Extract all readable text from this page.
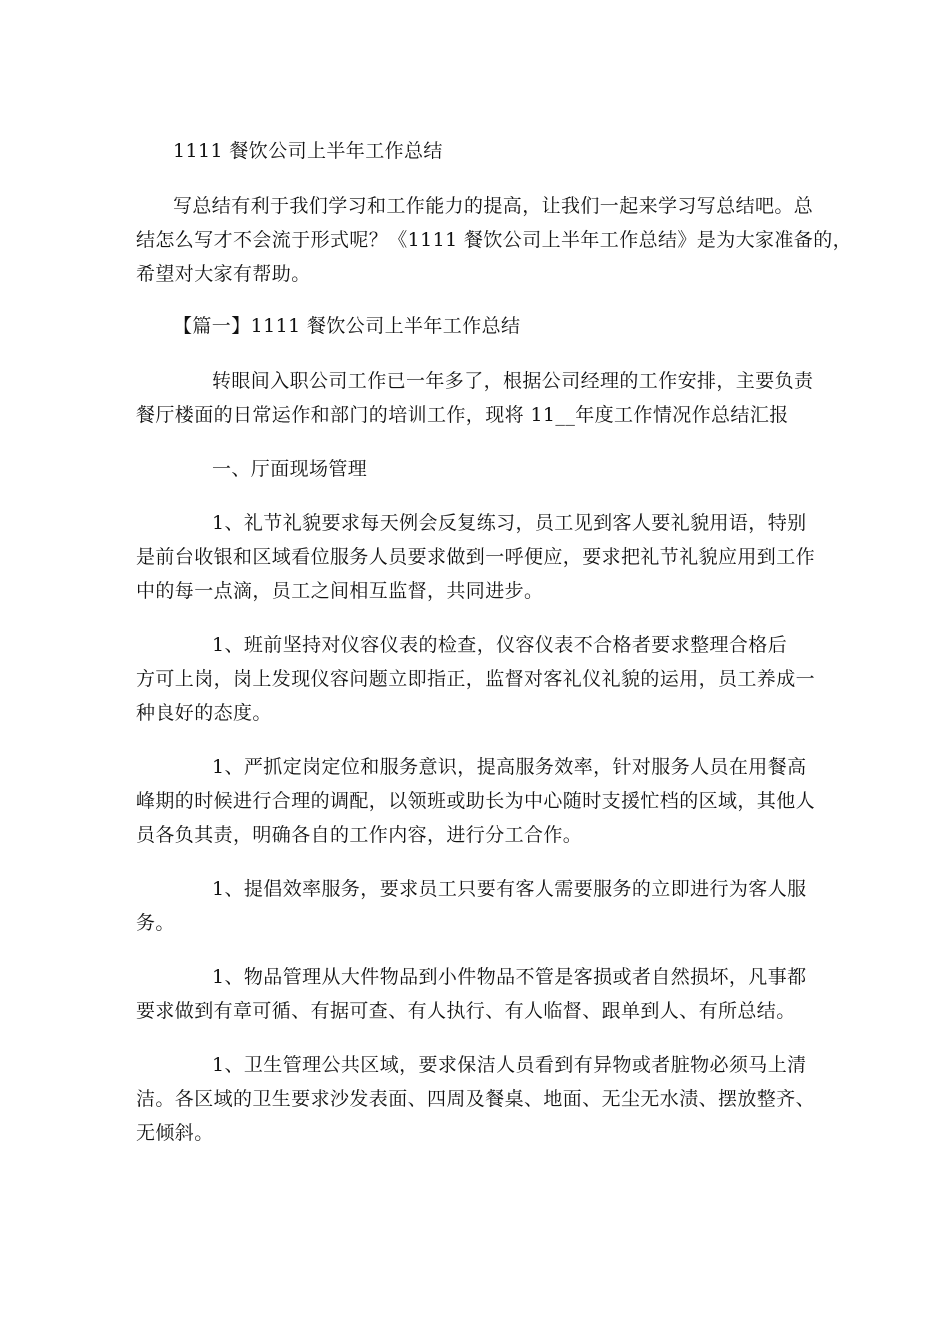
1111 餐饮公司上半年工作总结
写总结有利于我们学习和工作能力的提高，让我们一起来学习写总结吧。总
结怎么写才不会流于形式呢？《1111 餐饮公司上半年工作总结》是为大家准备的，
希望对大家有帮助。
【篇一】1111 餐饮公司上半年工作总结
转眼间入职公司工作已一年多了，根据公司经理的工作安排，主要负责
餐厅楼面的日常运作和部门的培训工作，现将 11__年度工作情况作总结汇报
一、厅面现场管理
1、礼节礼貌要求每天例会反复练习，员工见到客人要礼貌用语，特别
是前台收银和区域看位服务人员要求做到一呼便应，要求把礼节礼貌应用到工作
中的每一点滴，员工之间相互监督，共同进步。
1、班前坚持对仪容仪表的检查，仪容仪表不合格者要求整理合格后
方可上岗，岗上发现仪容问题立即指正，监督对客礼仪礼貌的运用，员工养成一
种良好的态度。
1、严抓定岗定位和服务意识，提高服务效率，针对服务人员在用餐高
峰期的时候进行合理的调配，以领班或助长为中心随时支援忙档的区域，其他人
员各负其责，明确各自的工作内容，进行分工合作。
1、提倡效率服务，要求员工只要有客人需要服务的立即进行为客人服
务。
1、物品管理从大件物品到小件物品不管是客损或者自然损坏，凡事都
要求做到有章可循、有据可查、有人执行、有人临督、跟单到人、有所总结。
1、卫生管理公共区域，要求保洁人员看到有异物或者脏物必须马上清
洁。各区域的卫生要求沙发表面、四周及餐桌、地面、无尘无水渍、摆放整齐、
无倾斜。
